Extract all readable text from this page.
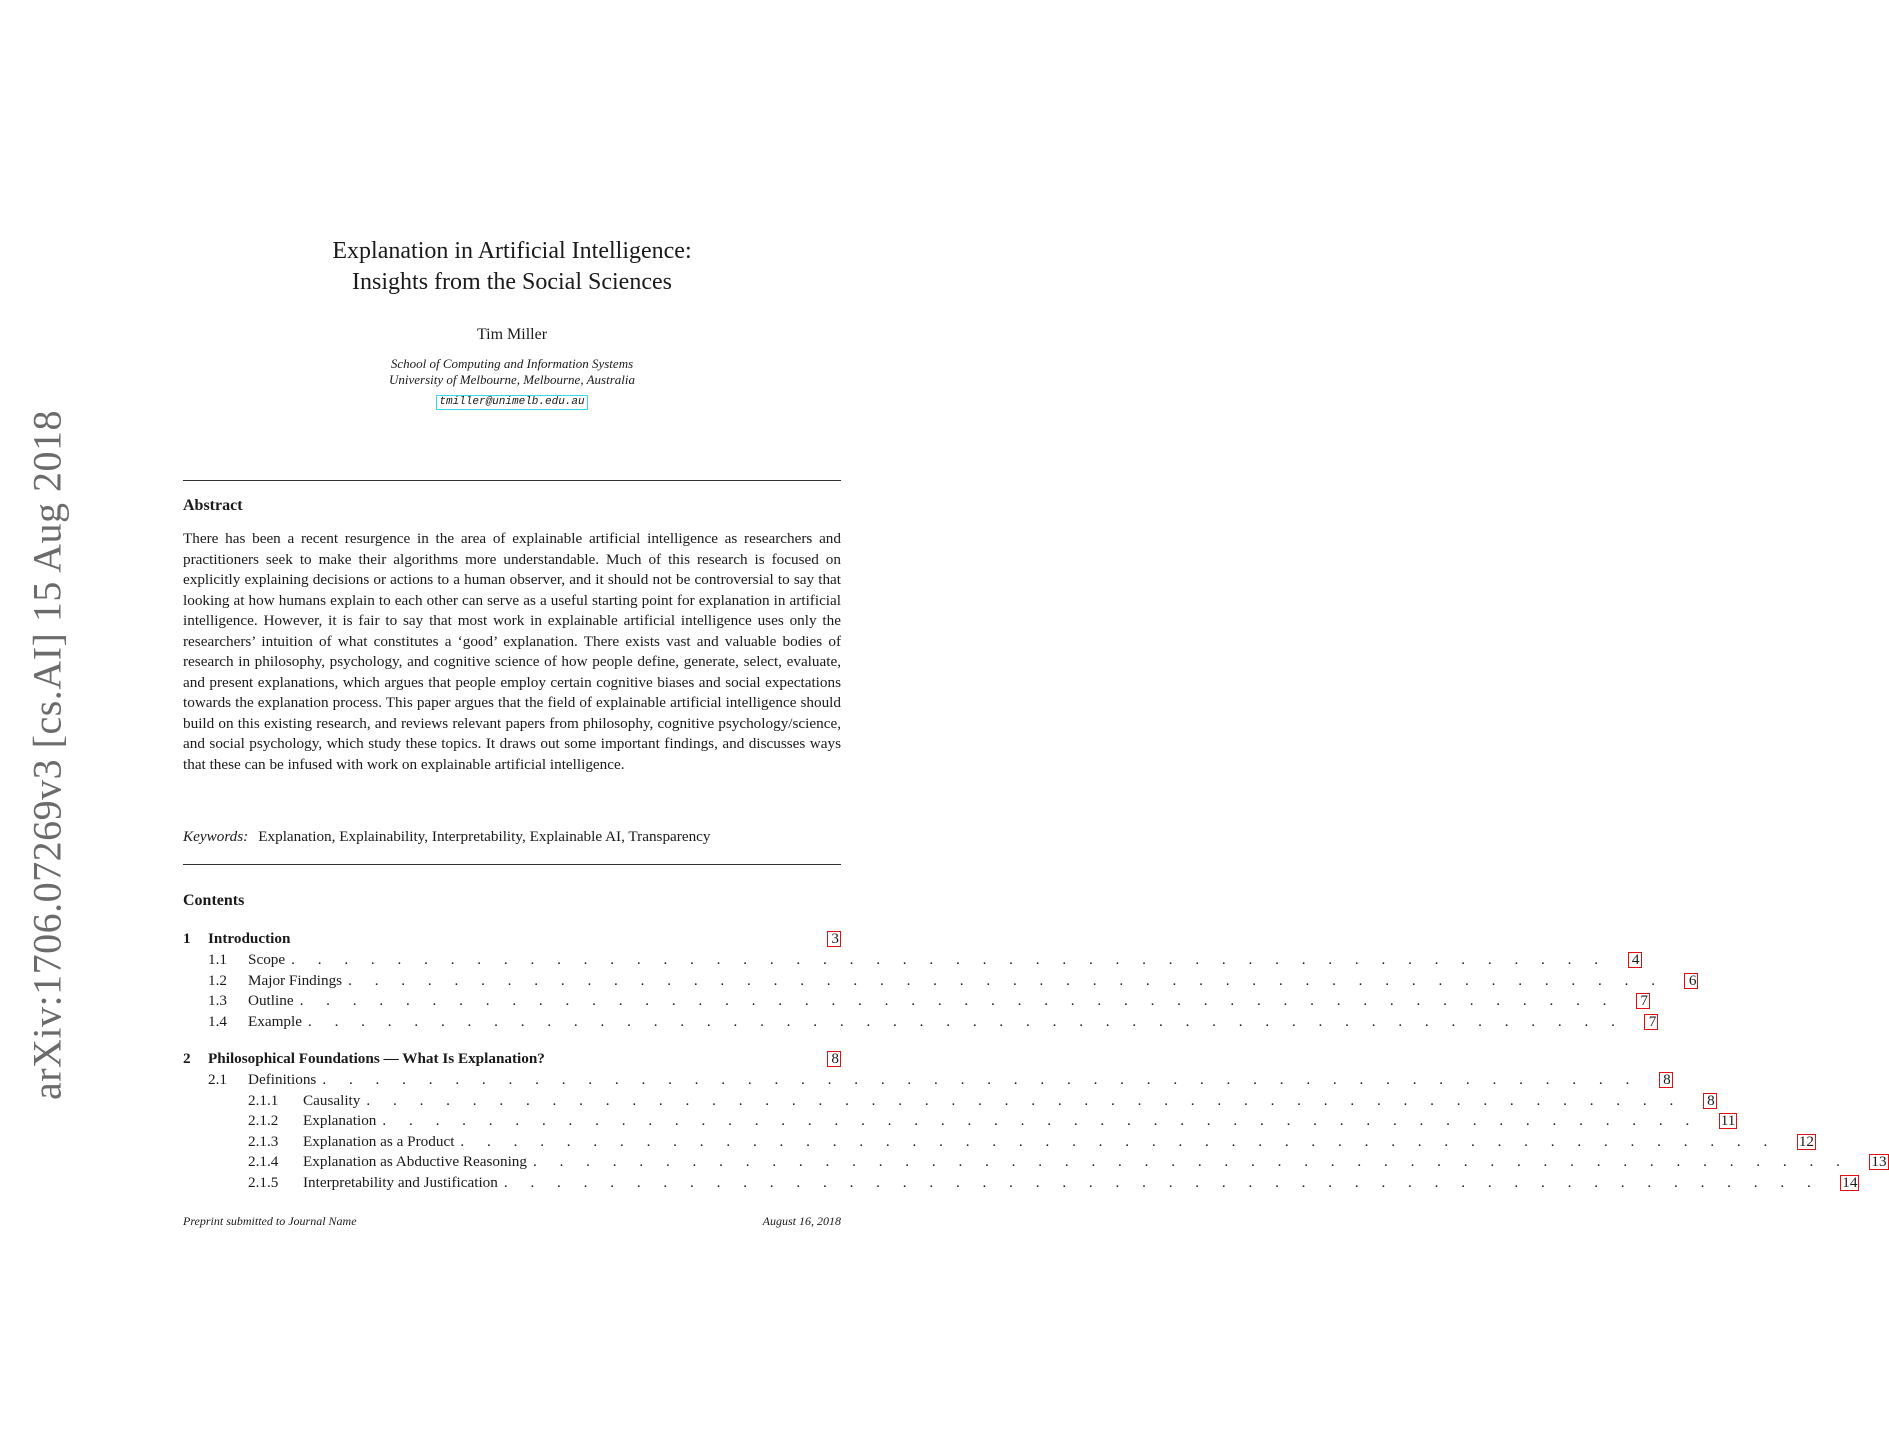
arXiv:1706.07269v3 [cs.AI] 15 Aug 2018
Explanation in Artificial Intelligence:
Insights from the Social Sciences
Tim Miller
School of Computing and Information Systems
University of Melbourne, Melbourne, Australia
tmiller@unimelb.edu.au
Abstract
There has been a recent resurgence in the area of explainable artificial intelligence as researchers and practitioners seek to make their algorithms more understandable. Much of this research is focused on explicitly explaining decisions or actions to a human observer, and it should not be controversial to say that looking at how humans explain to each other can serve as a useful starting point for explanation in artificial intelligence. However, it is fair to say that most work in explainable artificial intelligence uses only the researchers’ intuition of what constitutes a ‘good’ explanation. There exists vast and valuable bodies of research in philosophy, psychology, and cognitive science of how people define, generate, select, evaluate, and present explanations, which argues that people employ certain cognitive biases and social expectations towards the explanation process. This paper argues that the field of explainable artificial intelligence should build on this existing research, and reviews relevant papers from philosophy, cognitive psychology/science, and social psychology, which study these topics. It draws out some important findings, and discusses ways that these can be infused with work on explainable artificial intelligence.
Keywords: Explanation, Explainability, Interpretability, Explainable AI, Transparency
Contents
1	Introduction	3
1.1	Scope . . . . . . . . . . . . . . . . . . . . . . . . . . . . . . . . . . . . . . . . . . . . . . . . . . 4
1.2	Major Findings . . . . . . . . . . . . . . . . . . . . . . . . . . . . . . . . . . . . . . . . . . . . . . . . . . 6
1.3	Outline . . . . . . . . . . . . . . . . . . . . . . . . . . . . . . . . . . . . . . . . . . . . . . . . . . 7
1.4	Example . . . . . . . . . . . . . . . . . . . . . . . . . . . . . . . . . . . . . . . . . . . . . . . . . . 7
2	Philosophical Foundations — What Is Explanation?	8
2.1	Definitions . . . . . . . . . . . . . . . . . . . . . . . . . . . . . . . . . . . . . . . . . . . . . . . . . . 8
2.1.1	Causality . . . . . . . . . . . . . . . . . . . . . . . . . . . . . . . . . . . . . . . . . . . . . . . . . . 8
2.1.2	Explanation . . . . . . . . . . . . . . . . . . . . . . . . . . . . . . . . . . . . . . . . . . . . . . . . . . 11
2.1.3	Explanation as a Product . . . . . . . . . . . . . . . . . . . . . . . . . . . . . . . . . . . . . . . . . . . . . . . . . . 12
2.1.4	Explanation as Abductive Reasoning . . . . . . . . . . . . . . . . . . . . . . . . . . . . . . . . . . . . . . . . . . . . . . . . . . 13
2.1.5	Interpretability and Justification . . . . . . . . . . . . . . . . . . . . . . . . . . . . . . . . . . . . . . . . . . . . . . . . . . 14
Preprint submitted to Journal Name	August 16, 2018
